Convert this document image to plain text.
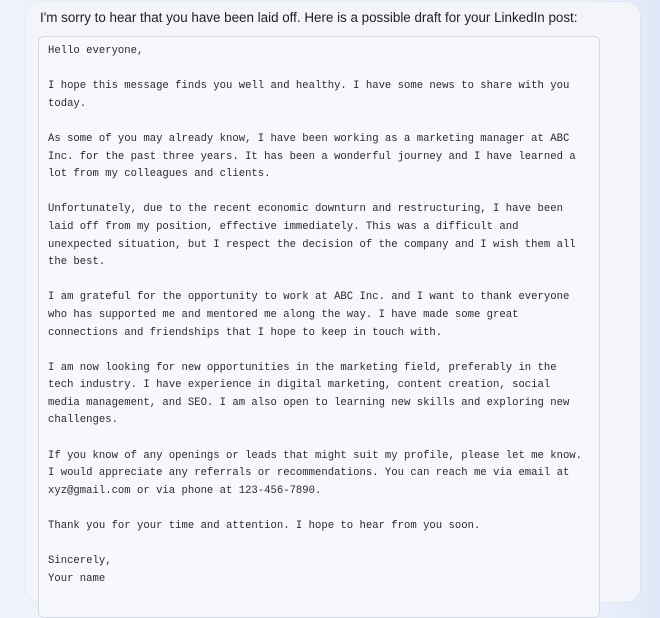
I'm sorry to hear that you have been laid off. Here is a possible draft for your LinkedIn post:
Hello everyone,
I hope this message finds you well and healthy. I have some news to share with you
today.
As some of you may already know, I have been working as a marketing manager at ABC
Inc. for the past three years. It has been a wonderful journey and I have learned a
lot from my colleagues and clients.
Unfortunately, due to the recent economic downturn and restructuring, I have been
laid off from my position, effective immediately. This was a difficult and
unexpected situation, but I respect the decision of the company and I wish them all
the best.
I am grateful for the opportunity to work at ABC Inc. and I want to thank everyone
who has supported me and mentored me along the way. I have made some great
connections and friendships that I hope to keep in touch with.
I am now looking for new opportunities in the marketing field, preferably in the
tech industry. I have experience in digital marketing, content creation, social
media management, and SEO. I am also open to learning new skills and exploring new
challenges.
If you know of any openings or leads that might suit my profile, please let me know.
I would appreciate any referrals or recommendations. You can reach me via email at
xyz@gmail.com or via phone at 123-456-7890.
Thank you for your time and attention. I hope to hear from you soon.
Sincerely,
Your name
